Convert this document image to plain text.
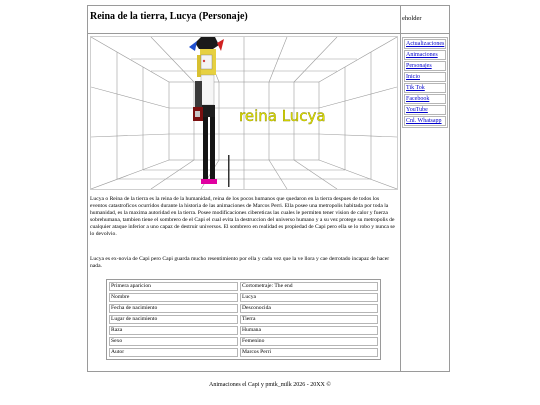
Reina de la tierra, Lucya (Personaje)	eholder
reina Lucya

Lucya o Reina de la tierra es la reina de la humanidad, reina de los pocos humanos que quedaron en la tierra despues de todos los eventos catastroficos ocurridos durante la historia de las animaciones de Marcos Perri. Ella posee una metropolis habitada por toda la humanidad, es la maxima autoridad en la tierra. Posee modificaciones cibereticas las cuales le permiten tener vision de calor y fuerza sobrehumana, tambien tiene el sombrero de el Capi el cual evita la destruccion del universo humano y a su vez protege su metropolis de cualquier ataque inferior a uno capaz de destruir universos. El sombrero en realidad es propiedad de Capi pero ella se lo robo y nunca se lo devolvio.

Lucya es ex-novia de Capi pero Capi guarda mucho resentimiento por ella y cada vez que la ve llora y cae derrotado incapaz de hacer nada.

Primera aparicion	Cortometraje: The end
Nombre	Lucya
Fecha de nacimiento	Desconocida
Lugar de nacimiento	Tierra
Raza	Humana
Sexo	Femenino
Autor	Marcos Perri
Actualizaciones
Animaciones
Personajes
Inicio
Tik Tok
Facebook
YouTube
Cnl. Whatsapp

Animaciones el Capi y pmtk_milk 2026 - 20XX ©
